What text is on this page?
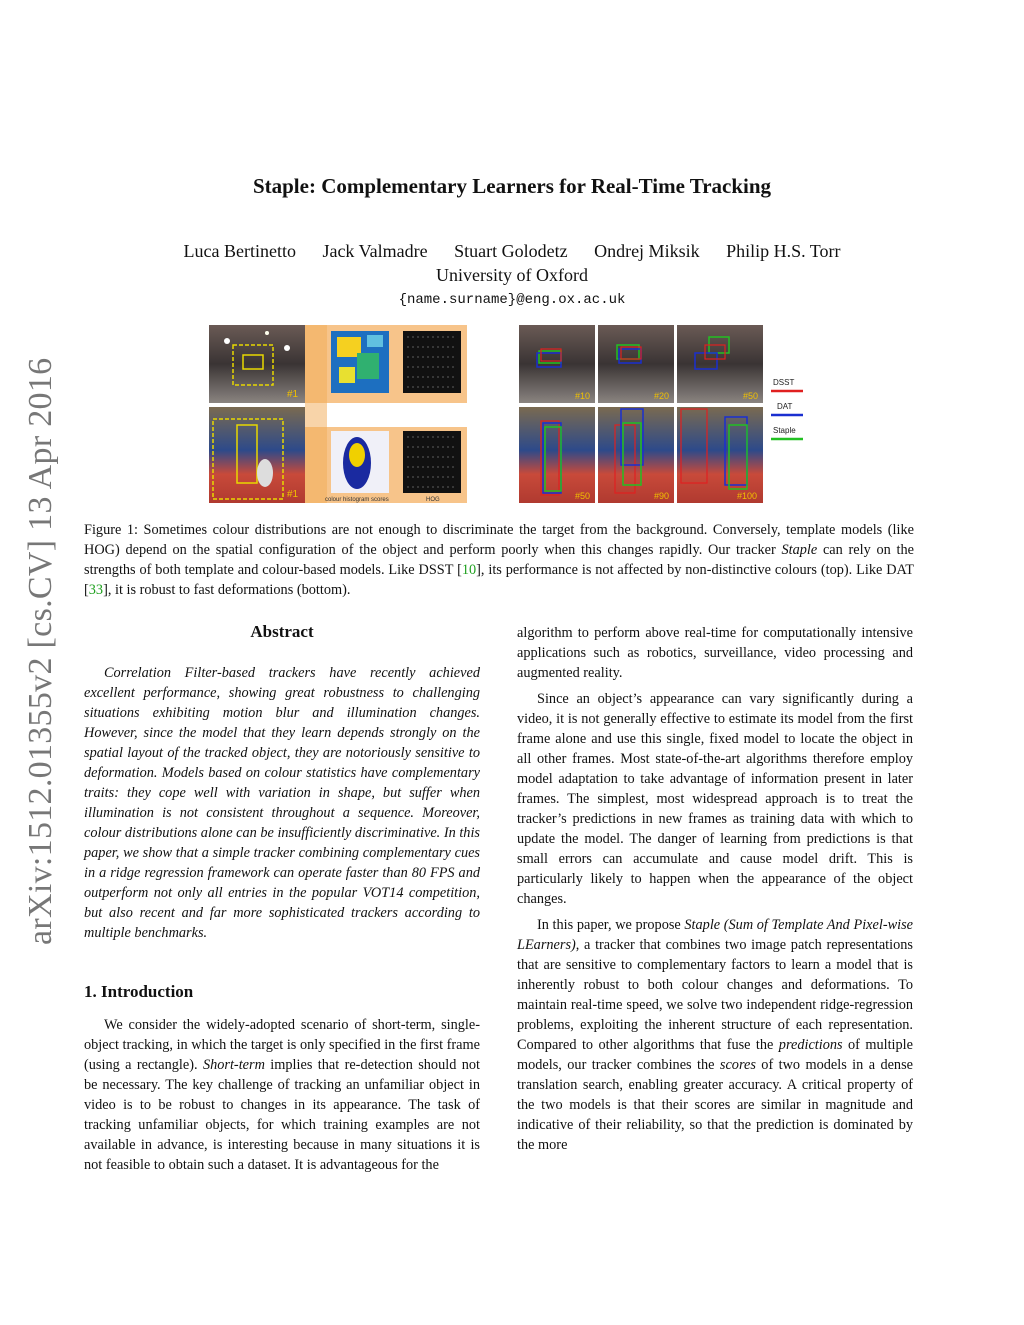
arXiv:1512.01355v2 [cs.CV] 13 Apr 2016
Staple: Complementary Learners for Real-Time Tracking
Luca Bertinetto Jack Valmadre Stuart Golodetz Ondrej Miksik Philip H.S. Torr
University of Oxford
{name.surname}@eng.ox.ac.uk
#1
#1	colour histogram scores	HOG
#10	#20	#50
#50	#90	#100
DSST
DAT
Staple
Figure 1: Sometimes colour distributions are not enough to discriminate the target from the background. Conversely, template models (like HOG) depend on the spatial configuration of the object and perform poorly when this changes rapidly. Our tracker Staple can rely on the strengths of both template and colour-based models. Like DSST [10], its performance is not affected by non-distinctive colours (top). Like DAT [33], it is robust to fast deformations (bottom).
Abstract

Correlation Filter-based trackers have recently achieved excellent performance, showing great robustness to challenging situations exhibiting motion blur and illumination changes. However, since the model that they learn depends strongly on the spatial layout of the tracked object, they are notoriously sensitive to deformation. Models based on colour statistics have complementary traits: they cope well with variation in shape, but suffer when illumination is not consistent throughout a sequence. Moreover, colour distributions alone can be insufficiently discriminative. In this paper, we show that a simple tracker combining complementary cues in a ridge regression framework can operate faster than 80 FPS and outperform not only all entries in the popular VOT14 competition, but also recent and far more sophisticated trackers according to multiple benchmarks.

1. Introduction

We consider the widely-adopted scenario of short-term, single-object tracking, in which the target is only specified in the first frame (using a rectangle). Short-term implies that re-detection should not be necessary. The key challenge of tracking an unfamiliar object in video is to be robust to changes in its appearance. The task of tracking unfamiliar objects, for which training examples are not available in advance, is interesting because in many situations it is not feasible to obtain such a dataset. It is advantageous for the

algorithm to perform above real-time for computationally intensive applications such as robotics, surveillance, video processing and augmented reality.

Since an object’s appearance can vary significantly during a video, it is not generally effective to estimate its model from the first frame alone and use this single, fixed model to locate the object in all other frames. Most state-of-the-art algorithms therefore employ model adaptation to take advantage of information present in later frames. The simplest, most widespread approach is to treat the tracker’s predictions in new frames as training data with which to update the model. The danger of learning from predictions is that small errors can accumulate and cause model drift. This is particularly likely to happen when the appearance of the object changes.

In this paper, we propose Staple (Sum of Template And Pixel-wise LEarners), a tracker that combines two image patch representations that are sensitive to complementary factors to learn a model that is inherently robust to both colour changes and deformations. To maintain real-time speed, we solve two independent ridge-regression problems, exploiting the inherent structure of each representation. Compared to other algorithms that fuse the predictions of multiple models, our tracker combines the scores of two models in a dense translation search, enabling greater accuracy. A critical property of the two models is that their scores are similar in magnitude and indicative of their reliability, so that the prediction is dominated by the more
